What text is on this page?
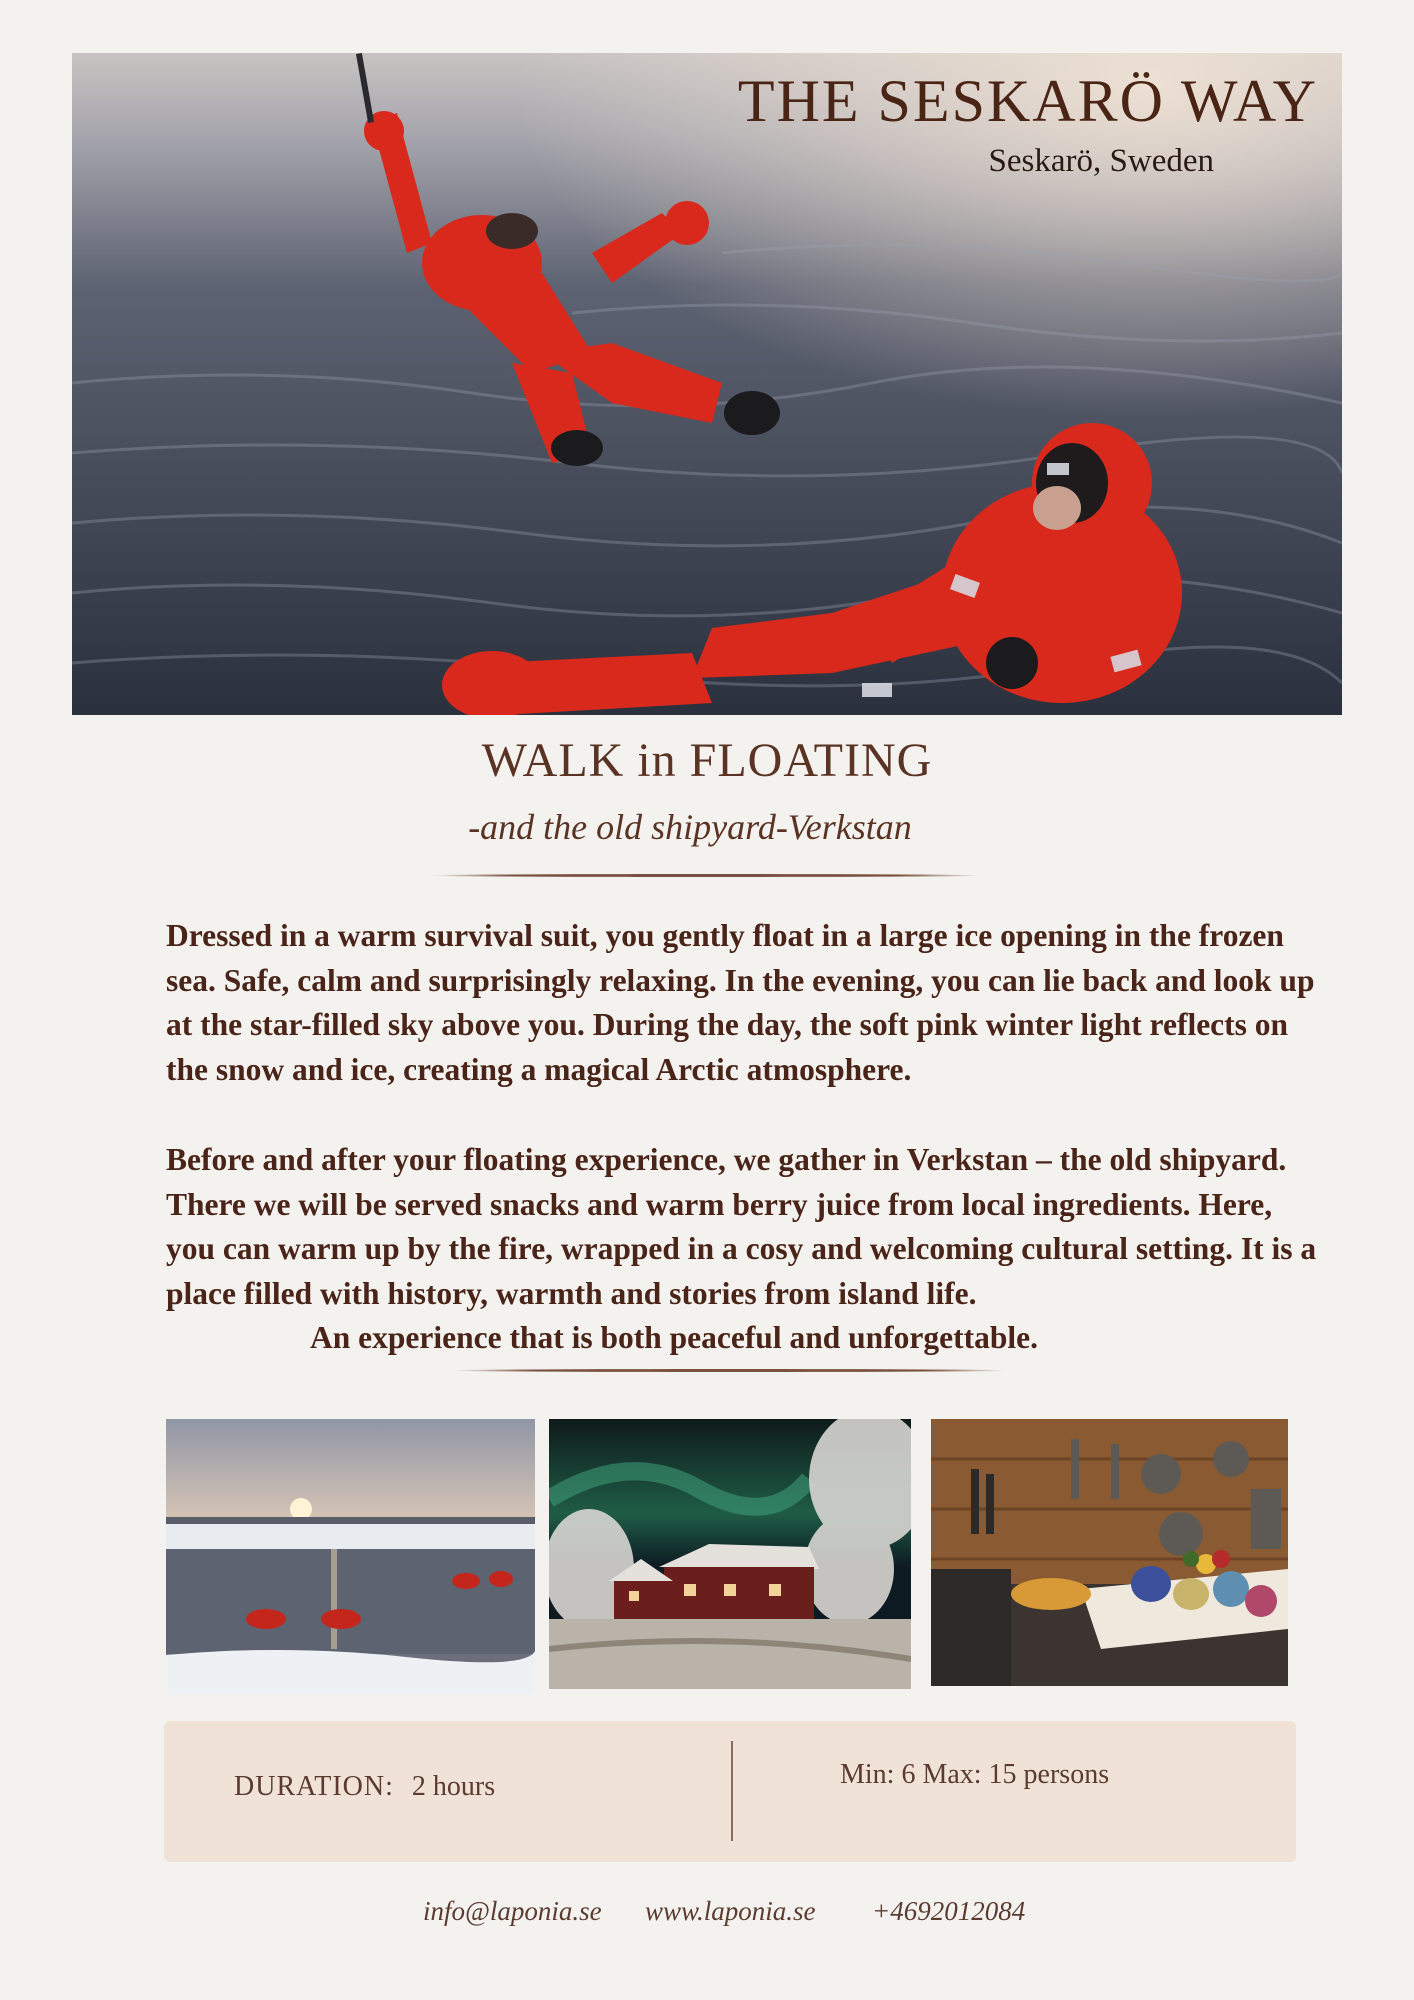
THE SESKARÖ WAY
Seskarö, Sweden
WALK in FLOATING
-and the old shipyard-Verkstan

Dressed in a warm survival suit, you gently float in a large ice opening in the frozen sea. Safe, calm and surprisingly relaxing. In the evening, you can lie back and look up at the star-filled sky above you. During the day, the soft pink winter light reflects on the snow and ice, creating a magical Arctic atmosphere.

Before and after your floating experience, we gather in Verkstan – the old shipyard. There we will be served snacks and warm berry juice from local ingredients. Here, you can warm up by the fire, wrapped in a cosy and welcoming cultural setting. It is a place filled with history, warmth and stories from island life.

An experience that is both peaceful and unforgettable.

DURATION: 2 hours	Min: 6 Max: 15 persons
info@laponia.se www.laponia.se +4692012084
